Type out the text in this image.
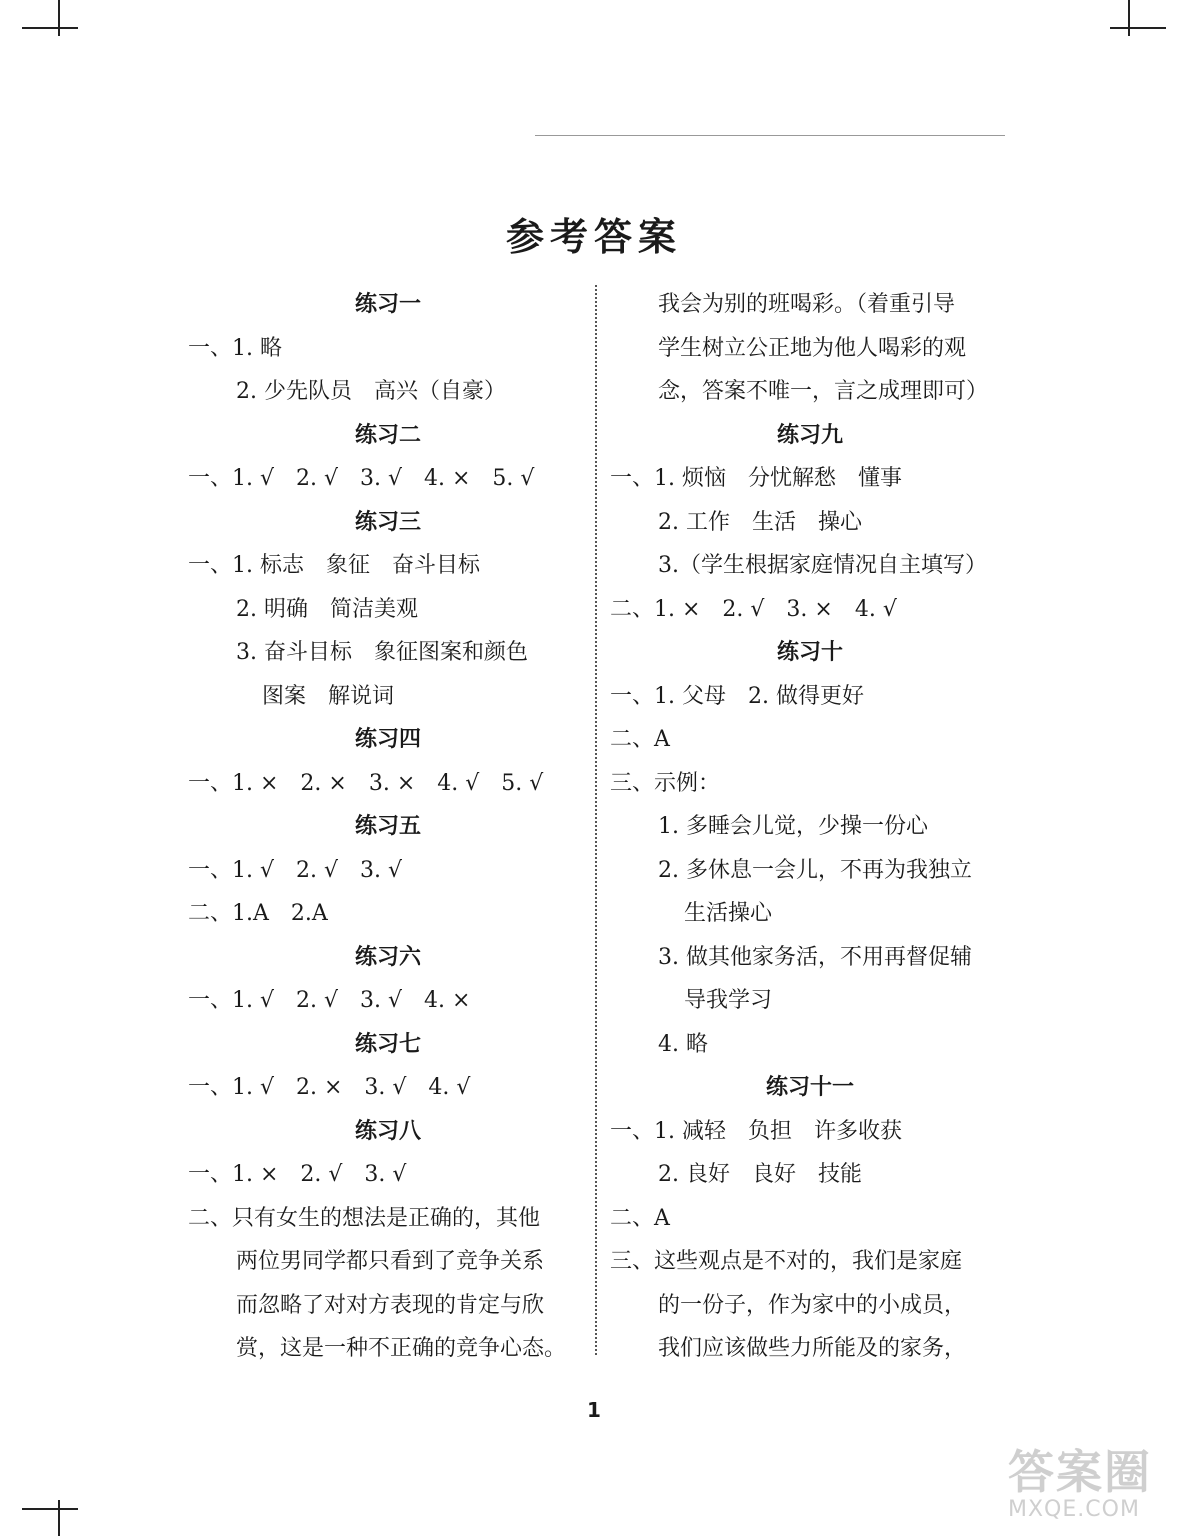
参考答案
练习一
一、1. 略
2. 少先队员　高兴（自豪）
练习二
一、1. √　2. √　3. √　4. ×　5. √
练习三
一、1. 标志　象征　奋斗目标
2. 明确　简洁美观
3. 奋斗目标　象征图案和颜色
图案　解说词
练习四
一、1. ×　2. ×　3. ×　4. √　5. √
练习五
一、1. √　2. √　3. √
二、1.A　2.A
练习六
一、1. √　2. √　3. √　4. ×
练习七
一、1. √　2. ×　3. √　4. √
练习八
一、1. ×　2. √　3. √
二、只有女生的想法是正确的，其他
两位男同学都只看到了竞争关系
而忽略了对对方表现的肯定与欣
赏，这是一种不正确的竞争心态。
我会为别的班喝彩。（着重引导
学生树立公正地为他人喝彩的观
念，答案不唯一，言之成理即可）
练习九
一、1. 烦恼　分忧解愁　懂事
2. 工作　生活　操心
3.（学生根据家庭情况自主填写）
二、1. ×　2. √　3. ×　4. √
练习十
一、1. 父母　2. 做得更好
二、A
三、示例：
1. 多睡会儿觉，少操一份心
2. 多休息一会儿，不再为我独立
生活操心
3. 做其他家务活，不用再督促辅
导我学习
4. 略
练习十一
一、1. 减轻　负担　许多收获
2. 良好　良好　技能
二、A
三、这些观点是不对的，我们是家庭
的一份子，作为家中的小成员，
我们应该做些力所能及的家务，
1
答案圈
MXQE.COM
